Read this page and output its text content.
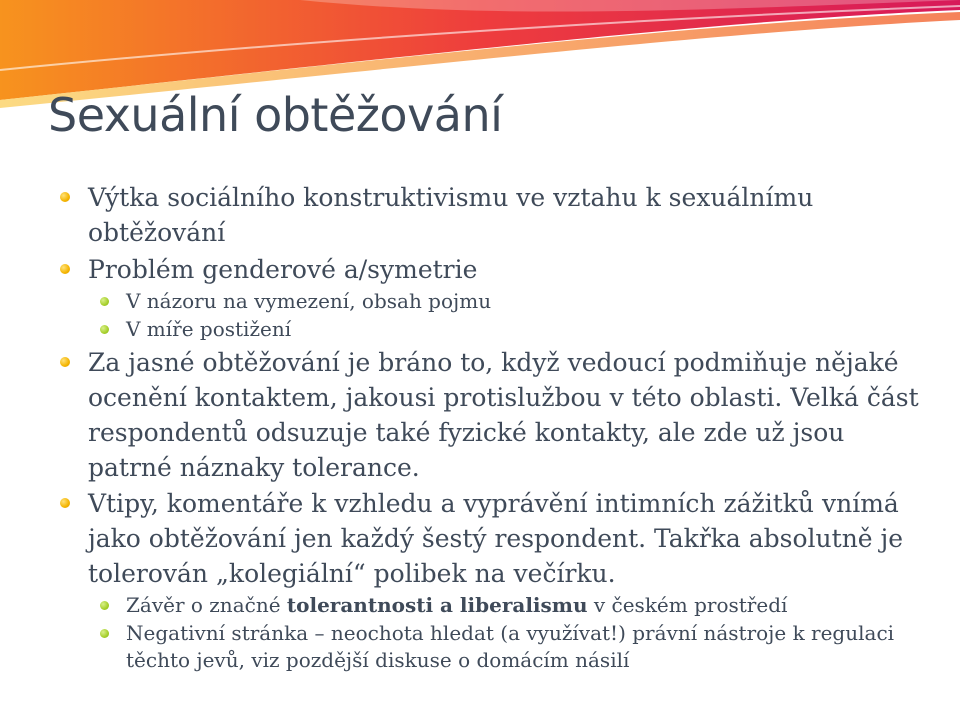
Sexuální obtěžování
Výtka sociálního konstruktivismu ve vztahu k sexuálnímu obtěžování
Problém genderové a/symetrie
V názoru na vymezení, obsah pojmu
V míře postižení
Za jasné obtěžování je bráno to, když vedoucí podmiňuje nějaké ocenění kontaktem, jakousi protislužbou v této oblasti. Velká část respondentů odsuzuje také fyzické kontakty, ale zde už jsou patrné náznaky tolerance.
Vtipy, komentáře k vzhledu a vyprávění intimních zážitků vnímá jako obtěžování jen každý šestý respondent. Takřka absolutně je tolerován „kolegiální“ polibek na večírku.
Závěr o značné tolerantnosti a liberalismu v českém prostředí
Negativní stránka – neochota hledat (a využívat!) právní nástroje k regulaci těchto jevů, viz pozdější diskuse o domácím násilí
